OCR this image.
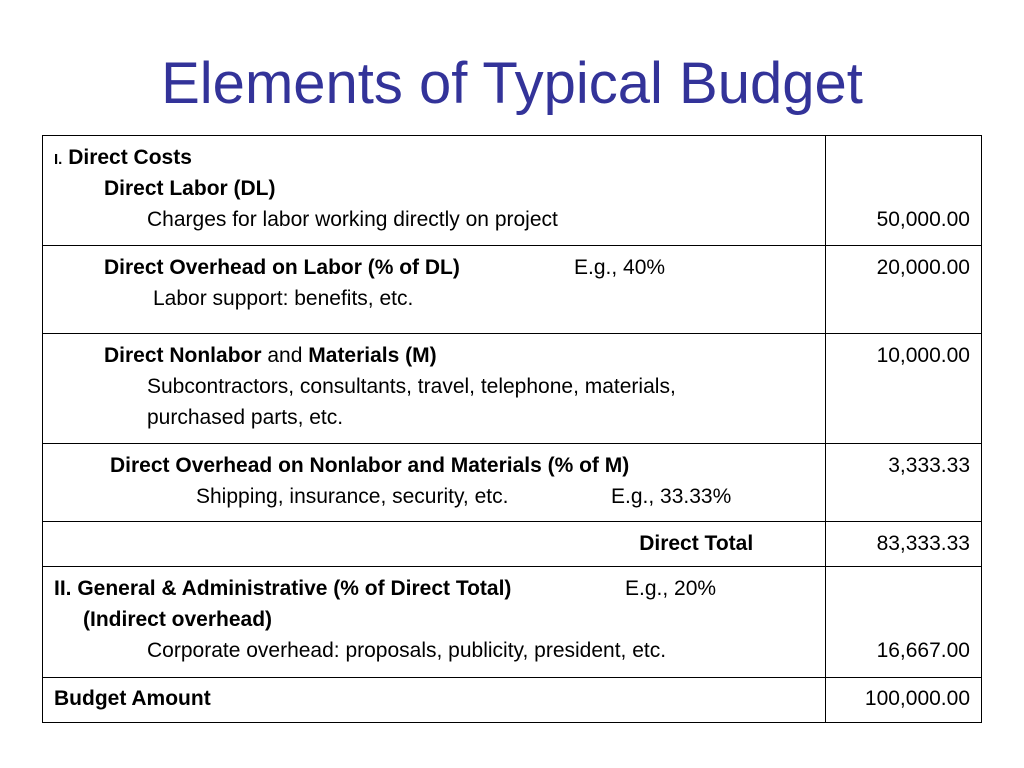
Elements of Typical Budget
I. Direct Costs
Direct Labor (DL)
Charges for labor working directly on project	50,000.00

Direct Overhead on Labor (% of DL) E.g., 40%
Labor support: benefits, etc.	20,000.00

Direct Nonlabor and Materials (M)
Subcontractors, consultants, travel, telephone, materials,
purchased parts, etc.	10,000.00

Direct Overhead on Nonlabor and Materials (% of M)
Shipping, insurance, security, etc. E.g., 33.33%	3,333.33

Direct Total	83,333.33

II. General & Administrative (% of Direct Total) E.g., 20%
(Indirect overhead)
Corporate overhead: proposals, publicity, president, etc.	16,667.00

Budget Amount	100,000.00
